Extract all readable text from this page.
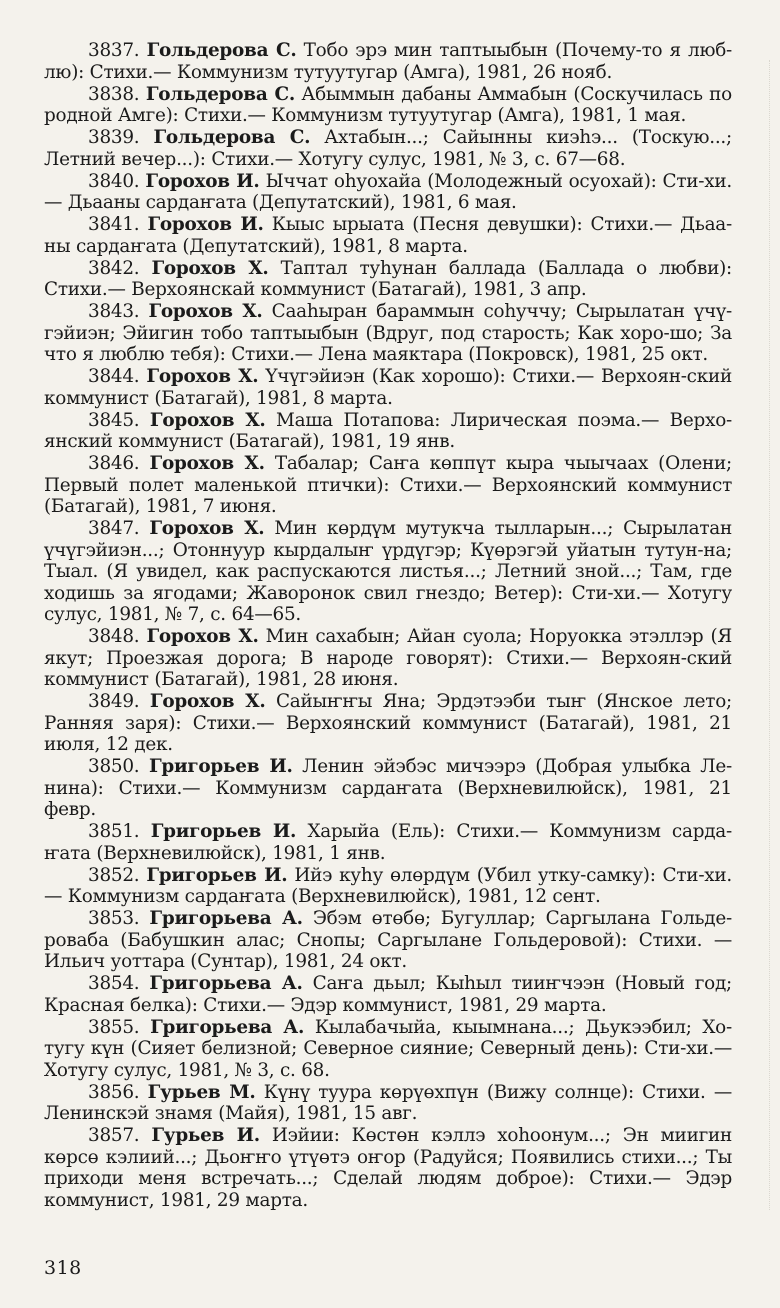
3837. Гольдерова С. Тобо эрэ мин таптыыбын (Почему-то я люб-лю): Стихи.— Коммунизм тутуутугар (Амга), 1981, 26 нояб.

3838. Гольдерова С. Абыммын дабаны Аммабын (Соскучилась по родной Амге): Стихи.— Коммунизм тутуутугар (Амга), 1981, 1 мая.

3839. Гольдерова С. Ахтабын...; Сайынны киэhэ... (Тоскую...; Летний вечер...): Стихи.— Хотугу сулус, 1981, № 3, с. 67—68.

3840. Горохов И. Ыччат оhуохайа (Молодежный осуохай): Сти-хи.— Дьааны сардаҥата (Депутатский), 1981, 6 мая.

3841. Горохов И. Кыыс ырыата (Песня девушки): Стихи.— Дьаа-ны сардаҥата (Депутатский), 1981, 8 марта.

3842. Горохов Х. Таптал туhунан баллада (Баллада о любви): Стихи.— Верхоянскай коммунист (Батагай), 1981, 3 апр.

3843. Горохов Х. Сааhыран бараммын соhуччу; Сырылатан үчү-гэйиэн; Эйигин тобо таптыыбын (Вдруг, под старость; Как хоро-шо; За что я люблю тебя): Стихи.— Лена маяктара (Покровск), 1981, 25 окт.

3844. Горохов Х. Үчүгэйиэн (Как хорошо): Стихи.— Верхоян-ский коммунист (Батагай), 1981, 8 марта.

3845. Горохов Х. Маша Потапова: Лирическая поэма.— Верхо-янский коммунист (Батагай), 1981, 19 янв.

3846. Горохов Х. Табалар; Саҥа көппүт кыра чыычаах (Олени; Первый полет маленькой птички): Стихи.— Верхоянский коммунист (Батагай), 1981, 7 июня.

3847. Горохов Х. Мин көрдүм мутукча тылларын...; Сырылатан үчүгэйиэн...; Отоннуур кырдалыҥ үрдүгэр; Күөрэгэй уйатын тутун-на; Тыал. (Я увидел, как распускаются листья...; Летний зной...; Там, где ходишь за ягодами; Жаворонок свил гнездо; Ветер): Сти-хи.— Хотугу сулус, 1981, № 7, с. 64—65.

3848. Горохов Х. Мин сахабын; Айан суола; Норуокка этэллэр (Я якут; Проезжая дорога; В народе говорят): Стихи.— Верхоян-ский коммунист (Батагай), 1981, 28 июня.

3849. Горохов Х. Сайыҥҥы Яна; Эрдэтээби тыҥ (Янское лето; Ранняя заря): Стихи.— Верхоянский коммунист (Батагай), 1981, 21 июля, 12 дек.

3850. Григорьев И. Ленин эйэбэс мичээрэ (Добрая улыбка Ле-нина): Стихи.— Коммунизм сардаҥата (Верхневилюйск), 1981, 21 февр.

3851. Григорьев И. Харыйа (Ель): Стихи.— Коммунизм сарда-ҥата (Верхневилюйск), 1981, 1 янв.

3852. Григорьев И. Ийэ куhу өлөрдүм (Убил утку-самку): Сти-хи.— Коммунизм сардаҥата (Верхневилюйск), 1981, 12 сент.

3853. Григорьева А. Эбэм өтөбө; Бугуллар; Саргылана Гольде-роваба (Бабушкин алас; Снопы; Саргылане Гольдеровой): Стихи. — Ильич уоттара (Сунтар), 1981, 24 окт.

3854. Григорьева А. Саҥа дьыл; Кыhыл тииҥчээн (Новый год; Красная белка): Стихи.— Эдэр коммунист, 1981, 29 марта.

3855. Григорьева А. Кылабачыйа, кыымнана...; Дьукээбил; Хо-тугу күн (Сияет белизной; Северное сияние; Северный день): Сти-хи.— Хотугу сулус, 1981, № 3, с. 68.

3856. Гурьев М. Күнү туура көрүөхпүн (Вижу солнце): Стихи. — Ленинскэй знамя (Майя), 1981, 15 авг.

3857. Гурьев И. Иэйии: Көстөн кэллэ хоhоонум...; Эн миигин көрсө кэлиий...; Дьоҥҥо үтүөтэ оҥор (Радуйся; Появились стихи...; Ты приходи меня встречать...; Сделай людям доброе): Стихи.— Эдэр коммунист, 1981, 29 марта.

318
